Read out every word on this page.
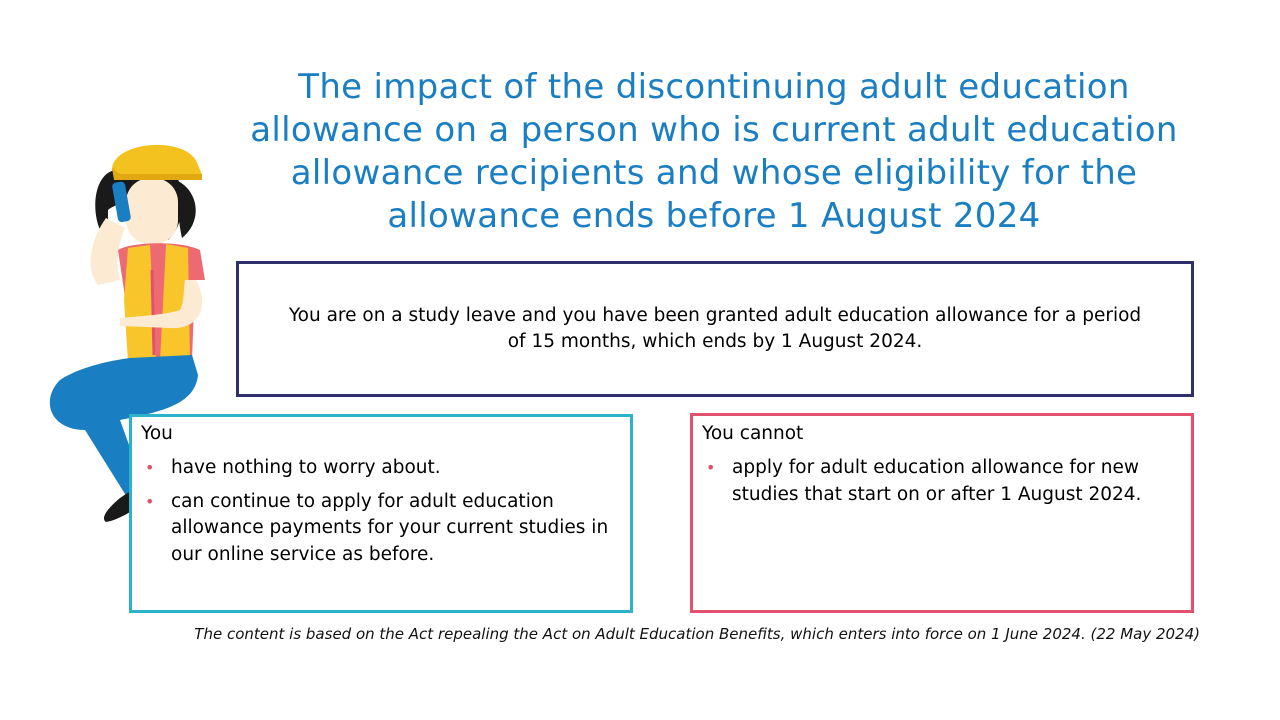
The impact of the discontinuing adult education allowance on a person who is current adult education allowance recipients and whose eligibility for the allowance ends before 1 August 2024
You are on a study leave and you have been granted adult education allowance for a period of 15 months, which ends by 1 August 2024.
You
• have nothing to worry about.
• can continue to apply for adult education allowance payments for your current studies in our online service as before.
You cannot
• apply for adult education allowance for new studies that start on or after 1 August 2024.
The content is based on the Act repealing the Act on Adult Education Benefits, which enters into force on 1 June 2024. (22 May 2024)
